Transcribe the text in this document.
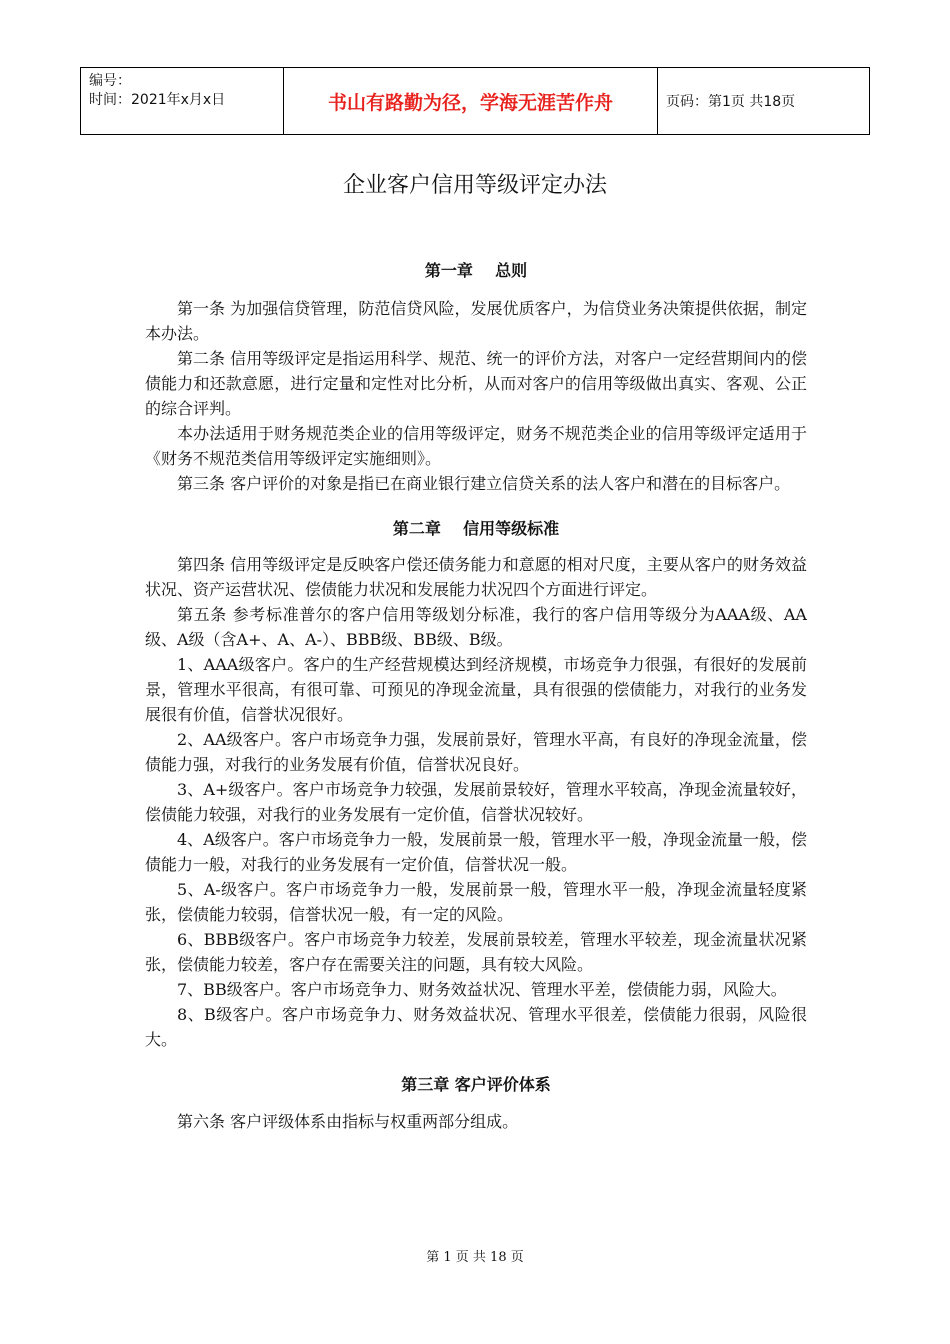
编号：
时间：2021年x月x日	书山有路勤为径，学海无涯苦作舟	页码：第1页 共18页
企业客户信用等级评定办法
第一章    总则

第一条 为加强信贷管理，防范信贷风险，发展优质客户，为信贷业务决策提供依据，制定本办法。

第二条 信用等级评定是指运用科学、规范、统一的评价方法，对客户一定经营期间内的偿债能力和还款意愿，进行定量和定性对比分析，从而对客户的信用等级做出真实、客观、公正的综合评判。

本办法适用于财务规范类企业的信用等级评定，财务不规范类企业的信用等级评定适用于《财务不规范类信用等级评定实施细则》。

第三条 客户评价的对象是指已在商业银行建立信贷关系的法人客户和潜在的目标客户。

第二章    信用等级标准

第四条 信用等级评定是反映客户偿还债务能力和意愿的相对尺度，主要从客户的财务效益状况、资产运营状况、偿债能力状况和发展能力状况四个方面进行评定。

第五条 参考标准普尔的客户信用等级划分标准，我行的客户信用等级分为AAA级、AA级、A级（含A+、A、A-）、BBB级、BB级、B级。

1、AAA级客户。客户的生产经营规模达到经济规模，市场竞争力很强，有很好的发展前景，管理水平很高，有很可靠、可预见的净现金流量，具有很强的偿债能力，对我行的业务发展很有价值，信誉状况很好。

2、AA级客户。客户市场竞争力强，发展前景好，管理水平高，有良好的净现金流量，偿债能力强，对我行的业务发展有价值，信誉状况良好。

3、A+级客户。客户市场竞争力较强，发展前景较好，管理水平较高，净现金流量较好，偿债能力较强，对我行的业务发展有一定价值，信誉状况较好。

4、A级客户。客户市场竞争力一般，发展前景一般，管理水平一般，净现金流量一般，偿债能力一般，对我行的业务发展有一定价值，信誉状况一般。

5、A-级客户。客户市场竞争力一般，发展前景一般，管理水平一般，净现金流量轻度紧张，偿债能力较弱，信誉状况一般，有一定的风险。

6、BBB级客户。客户市场竞争力较差，发展前景较差，管理水平较差，现金流量状况紧张，偿债能力较差，客户存在需要关注的问题，具有较大风险。

7、BB级客户。客户市场竞争力、财务效益状况、管理水平差，偿债能力弱，风险大。

8、B级客户。客户市场竞争力、财务效益状况、管理水平很差，偿债能力很弱，风险很大。

第三章 客户评价体系

第六条 客户评级体系由指标与权重两部分组成。

第 1 页 共 18 页
